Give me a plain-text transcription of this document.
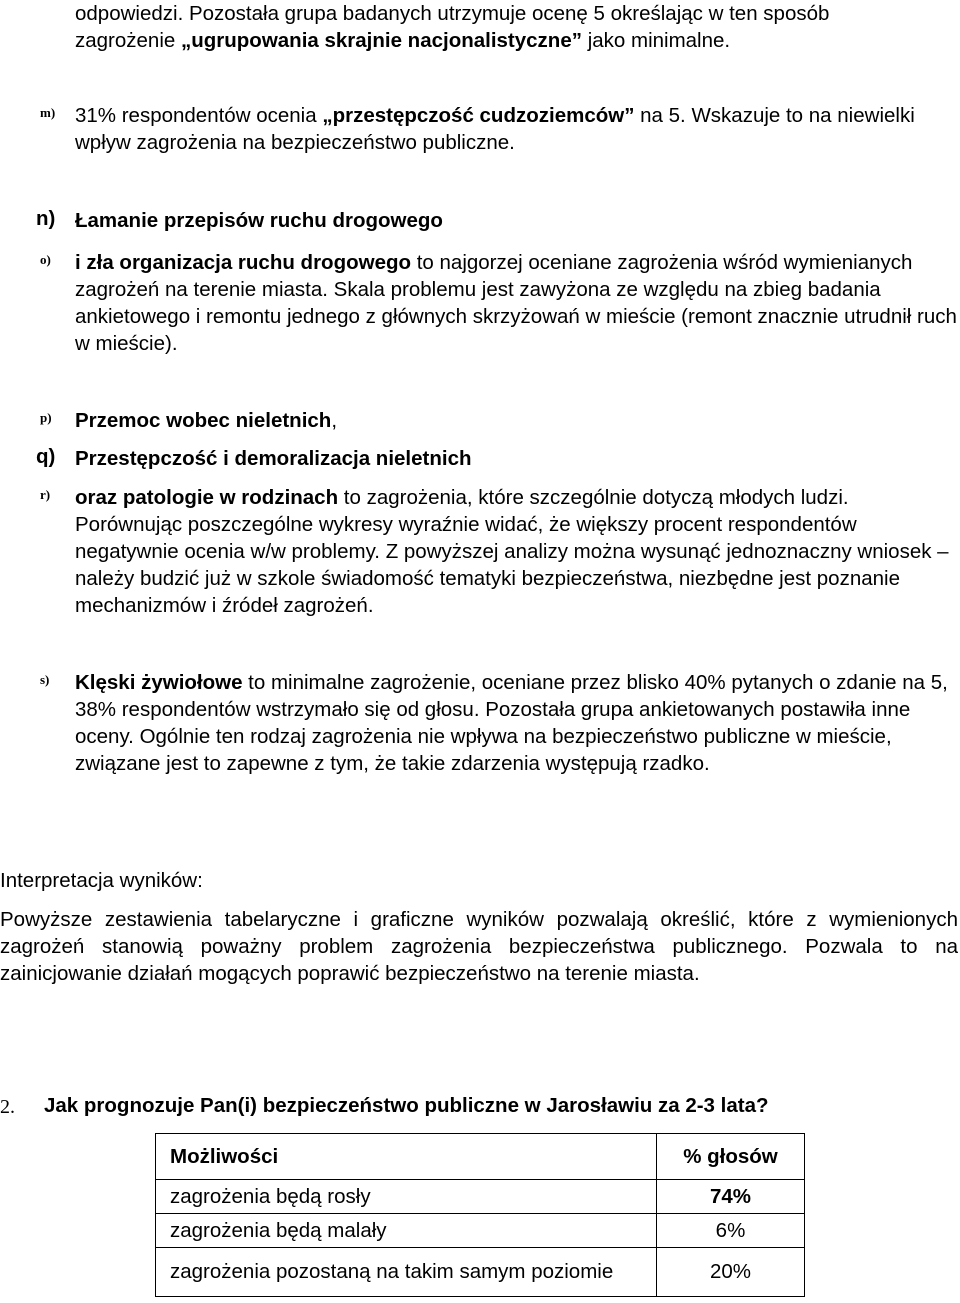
odpowiedzi. Pozostała grupa badanych utrzymuje ocenę 5 określając w ten sposób
zagrożenie „ugrupowania skrajnie nacjonalistyczne” jako minimalne.
m) 31% respondentów ocenia „przestępczość cudzoziemców” na 5. Wskazuje to na niewielki wpływ zagrożenia na bezpieczeństwo publiczne.
n) Łamanie przepisów ruchu drogowego
o) i zła organizacja ruchu drogowego to najgorzej oceniane zagrożenia wśród wymienianych zagrożeń na terenie miasta. Skala problemu jest zawyżona ze względu na zbieg badania ankietowego i remontu jednego z głównych skrzyżowań w mieście (remont znacznie utrudnił ruch w mieście).
p) Przemoc wobec nieletnich,
q) Przestępczość i demoralizacja nieletnich
r) oraz patologie w rodzinach to zagrożenia, które szczególnie dotyczą młodych ludzi. Porównując poszczególne wykresy wyraźnie widać, że większy procent respondentów negatywnie ocenia w/w problemy. Z powyższej analizy można wysunąć jednoznaczny wniosek – należy budzić już w szkole świadomość tematyki bezpieczeństwa, niezbędne jest poznanie mechanizmów i źródeł zagrożeń.
s) Klęski żywiołowe to minimalne zagrożenie, oceniane przez blisko 40% pytanych o zdanie na 5, 38% respondentów wstrzymało się od głosu. Pozostała grupa ankietowanych postawiła inne oceny. Ogólnie ten rodzaj zagrożenia nie wpływa na bezpieczeństwo publiczne w mieście, związane jest to zapewne z tym, że takie zdarzenia występują rzadko.
Interpretacja wyników:
Powyższe zestawienia tabelaryczne i graficzne wyników pozwalają określić, które z wymienionych zagrożeń stanowią poważny problem zagrożenia bezpieczeństwa publicznego. Pozwala to na zainicjowanie działań mogących poprawić bezpieczeństwo na terenie miasta.
2. Jak prognozuje Pan(i) bezpieczeństwo publiczne w Jarosławiu za 2-3 lata?
Możliwości	% głosów
zagrożenia będą rosły	74%
zagrożenia będą malały	6%
zagrożenia pozostaną na takim samym poziomie	20%
